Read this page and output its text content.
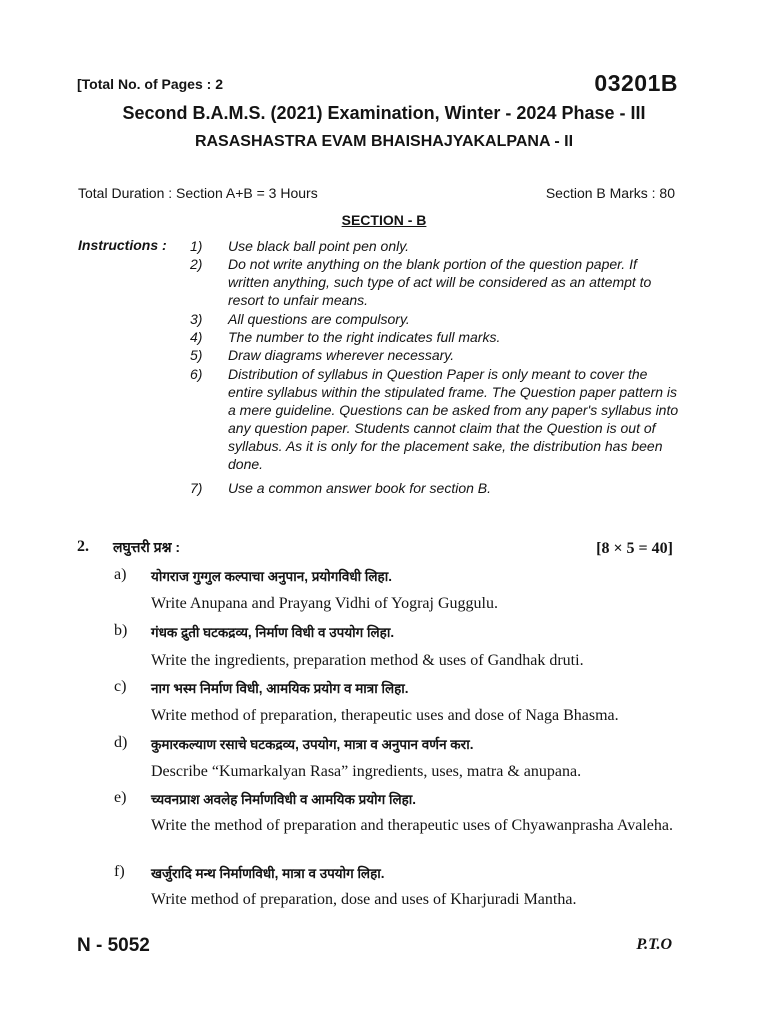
[Total No. of Pages : 2	03201B
Second B.A.M.S. (2021) Examination, Winter - 2024 Phase - III
RASASHASTRA EVAM BHAISHAJYAKALPANA - II
Total Duration : Section A+B = 3 Hours	Section B Marks : 80
SECTION - B
Instructions : 1)	Use black ball point pen only.
2)	Do not write anything on the blank portion of the question paper. If written anything, such type of act will be considered as an attempt to resort to unfair means.
3)	All questions are compulsory.
4)	The number to the right indicates full marks.
5)	Draw diagrams wherever necessary.
6)	Distribution of syllabus in Question Paper is only meant to cover the entire syllabus within the stipulated frame. The Question paper pattern is a mere guideline. Questions can be asked from any paper's syllabus into any question paper. Students cannot claim that the Question is out of syllabus. As it is only for the placement sake, the distribution has been done.
7)	Use a common answer book for section B.
2. लघुत्तरी प्रश्न :	[8 × 5 = 40]
a) योगराज गुग्गुल कल्पाचा अनुपान, प्रयोगविधी लिहा.
Write Anupana and Prayang Vidhi of Yograj Guggulu.
b) गंधक द्रुती घटकद्रव्य, निर्माण विधी व उपयोग लिहा.
Write the ingredients, preparation method & uses of Gandhak druti.
c) नाग भस्म निर्माण विधी, आमयिक प्रयोग व मात्रा लिहा.
Write method of preparation, therapeutic uses and dose of Naga Bhasma.
d) कुमारकल्याण रसाचे घटकद्रव्य, उपयोग, मात्रा व अनुपान वर्णन करा.
Describe “Kumarkalyan Rasa” ingredients, uses, matra & anupana.
e) च्यवनप्राश अवलेह निर्माणविधी व आमयिक प्रयोग लिहा.
Write the method of preparation and therapeutic uses of Chyawanprasha Avaleha.
f) खर्जुरादि मन्थ निर्माणविधी, मात्रा व उपयोग लिहा.
Write method of preparation, dose and uses of Kharjuradi Mantha.
N - 5052	P.T.O
